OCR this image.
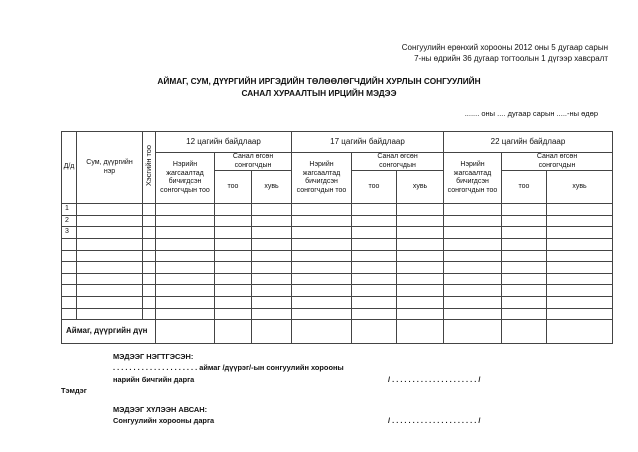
Сонгуулийн ерөнхий хорооны 2012 оны 5 дугаар сарын
7-ны өдрийн 36 дугаар тогтоолын 1 дүгээр хавсралт
АЙМАГ, СУМ, ДҮҮРГИЙН ИРГЭДИЙН ТӨЛӨӨЛӨГЧДИЙН ХУРЛЫН СОНГУУЛИЙН
САНАЛ ХУРААЛТЫН ИРЦИЙН МЭДЭЭ
....... оны .... дугаар сарын .....-ны өдөр
Д/д	Сум, дүүргийн нэр	Хэсгийн тоо	12 цагийн байдлаар			17 цагийн байдлаар			22 цагийн байдлаар		
			Нэрийн жагсаалтад бичигдсэн сонгогчдын тоо	Санал өгсөн сонгогчдын		Нэрийн жагсаалтад бичигдсэн сонгогчдын тоо	Санал өгсөн сонгогчдын		Нэрийн жагсаалтад бичигдсэн сонгогчдын тоо	Санал өгсөн сонгогчдын	
				тоо	хувь		тоо	хувь		тоо	хувь
1											
2											
3											

Аймаг, дүүргийн дүн											
МЭДЭЭГ НЭГТГЭСЭН:
. . . . . . . . . . . . . . . . . . . . . аймаг /дүүрэг/-ын сонгуулийн хорооны
нарийн бичгийн дарга	/ . . . . . . . . . . . . . . . . . . . . . /
Тэмдэг
МЭДЭЭГ ХҮЛЭЭН АВСАН:
Сонгуулийн хорооны дарга	/ . . . . . . . . . . . . . . . . . . . . . /
